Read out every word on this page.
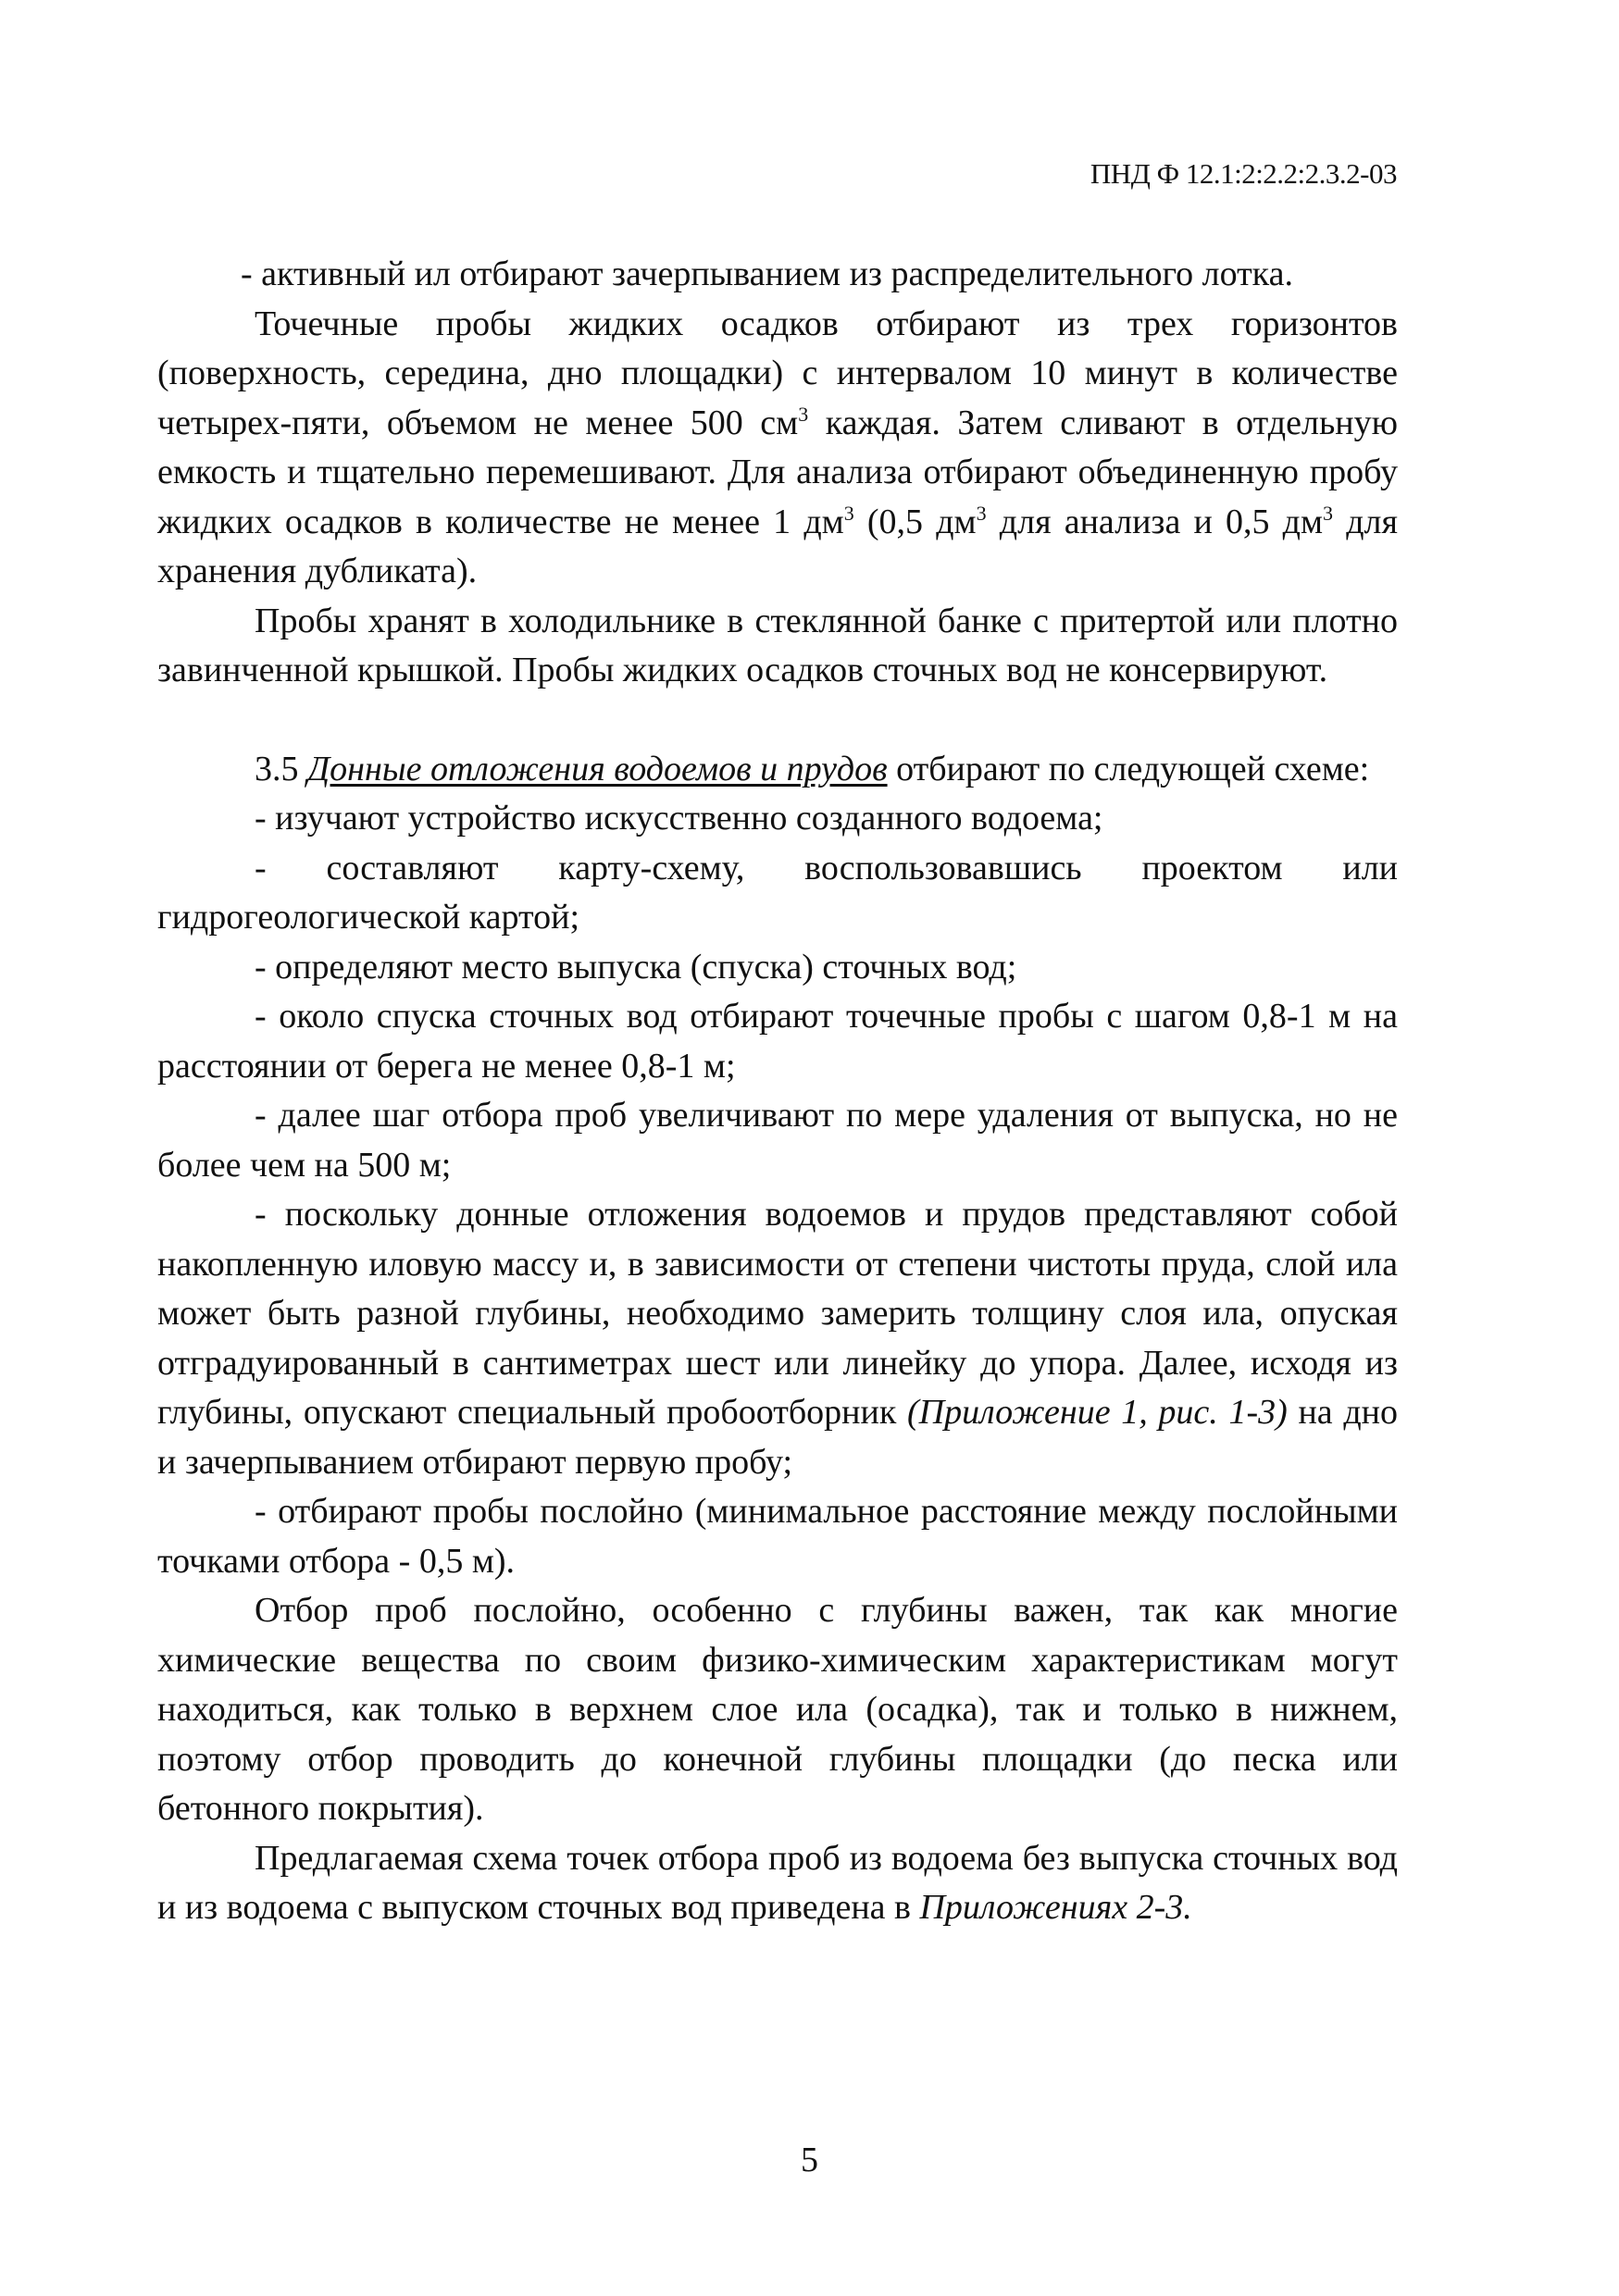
ПНД Ф 12.1:2:2.2:2.3.2-03

- активный ил отбирают зачерпыванием из распределительного лотка.

Точечные пробы жидких осадков отбирают из трех горизонтов (поверхность, середина, дно площадки) с интервалом 10 минут в количестве четырех-пяти, объемом не менее 500 $см^3$ каждая. Затем сливают в отдельную емкость и тщательно перемешивают. Для анализа отбирают объединенную пробу жидких осадков в количестве не менее 1 $дм^3$ (0,5 $дм^3$ для анализа и 0,5 $дм^3$ для хранения дубликата).

Пробы хранят в холодильнике в стеклянной банке с притертой или плотно завинченной крышкой. Пробы жидких осадков сточных вод не консервируют.

3.5 Донные отложения водоемов и прудов отбирают по следующей схеме:

- изучают устройство искусственно созданного водоема;

- составляют карту-схему, воспользовавшись проектом или гидрогеологической картой;

- определяют место выпуска (спуска) сточных вод;

- около спуска сточных вод отбирают точечные пробы с шагом 0,8-1 м на расстоянии от берега не менее 0,8-1 м;

- далее шаг отбора проб увеличивают по мере удаления от выпуска, но не более чем на 500 м;

- поскольку донные отложения водоемов и прудов представляют собой накопленную иловую массу и, в зависимости от степени чистоты пруда, слой ила может быть разной глубины, необходимо замерить толщину слоя ила, опуская отградуированный в сантиметрах шест или линейку до упора. Далее, исходя из глубины, опускают специальный пробоотборник (Приложение 1, рис. 1-3) на дно и зачерпыванием отбирают первую пробу;

- отбирают пробы послойно (минимальное расстояние между послойными точками отбора - 0,5 м).

Отбор проб послойно, особенно с глубины важен, так как многие химические вещества по своим физико-химическим характеристикам могут находиться, как только в верхнем слое ила (осадка), так и только в нижнем, поэтому отбор проводить до конечной глубины площадки (до песка или бетонного покрытия).

Предлагаемая схема точек отбора проб из водоема без выпуска сточных вод и из водоема с выпуском сточных вод приведена в Приложениях 2-3.

5
